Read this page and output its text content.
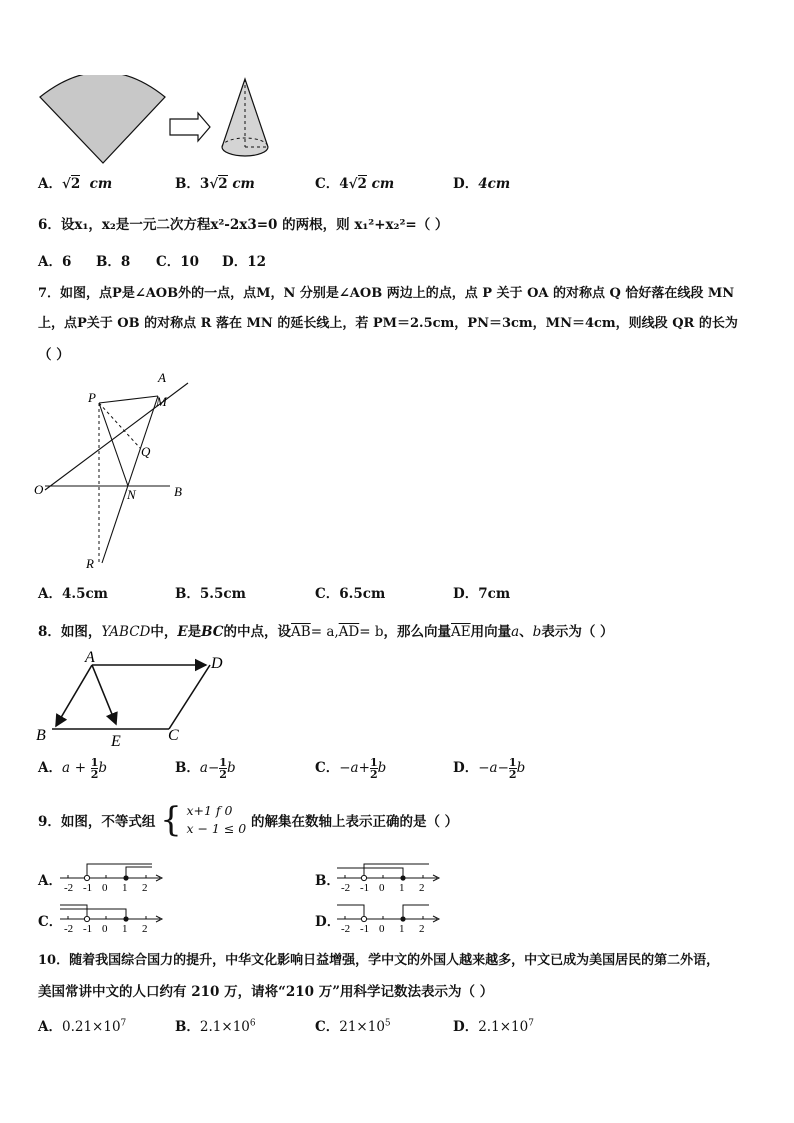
A．√2 cm	B．3√2 cm	C．4√2 cm	D．4cm
6．设x₁，x₂是一元二次方程x²-2x3=0 的两根，则 x₁²+x₂²=（ ）
A．6 B．8 C．10 D．12
7．如图，点P是∠AOB外的一点，点M，N 分别是∠AOB 两边上的点，点 P 关于 OA 的对称点 Q 恰好落在线段 MN
上，点P关于 OB 的对称点 R 落在 MN 的延长线上，若 PM＝2.5cm，PN＝3cm，MN＝4cm，则线段 QR 的长为
（ ）
O
A
B
P	M
N
Q
R
A．4.5cm	B．5.5cm	C．6.5cm	D．7cm
8．如图，YABCD中，E是BC的中点，设$\overline{AB}= a,\overline{AD}= b$，那么向量$\overline{AE}$用向量a、b表示为（ ）
A	D
B	E	C
A．$a + \frac{1}{2}$ b	B．$a- \frac{1}{2}$ b	C．$-a+ \frac{1}{2}$ b	D．$-a- \frac{1}{2}$ b
9．如图，不等式组 { x+1 f 0
x − 1 ≤ 0 的解集在数轴上表示正确的是（ ）
A．	B．
C．	D．
-2 -1 0 1 2	-2 -1 0 1 2
-2 -1 0 1 2	-2 -1 0 1 2
10．随着我国综合国力的提升，中华文化影响日益增强，学中文的外国人越来越多，中文已成为美国居民的第二外语，
美国常讲中文的人口约有 210 万，请将“210 万”用科学记数法表示为（ ）
A．$0.21\times 10^7$	B．$2.1\times 10^6$	C．$21\times 10^5$	D．$2.1\times 10^7$
